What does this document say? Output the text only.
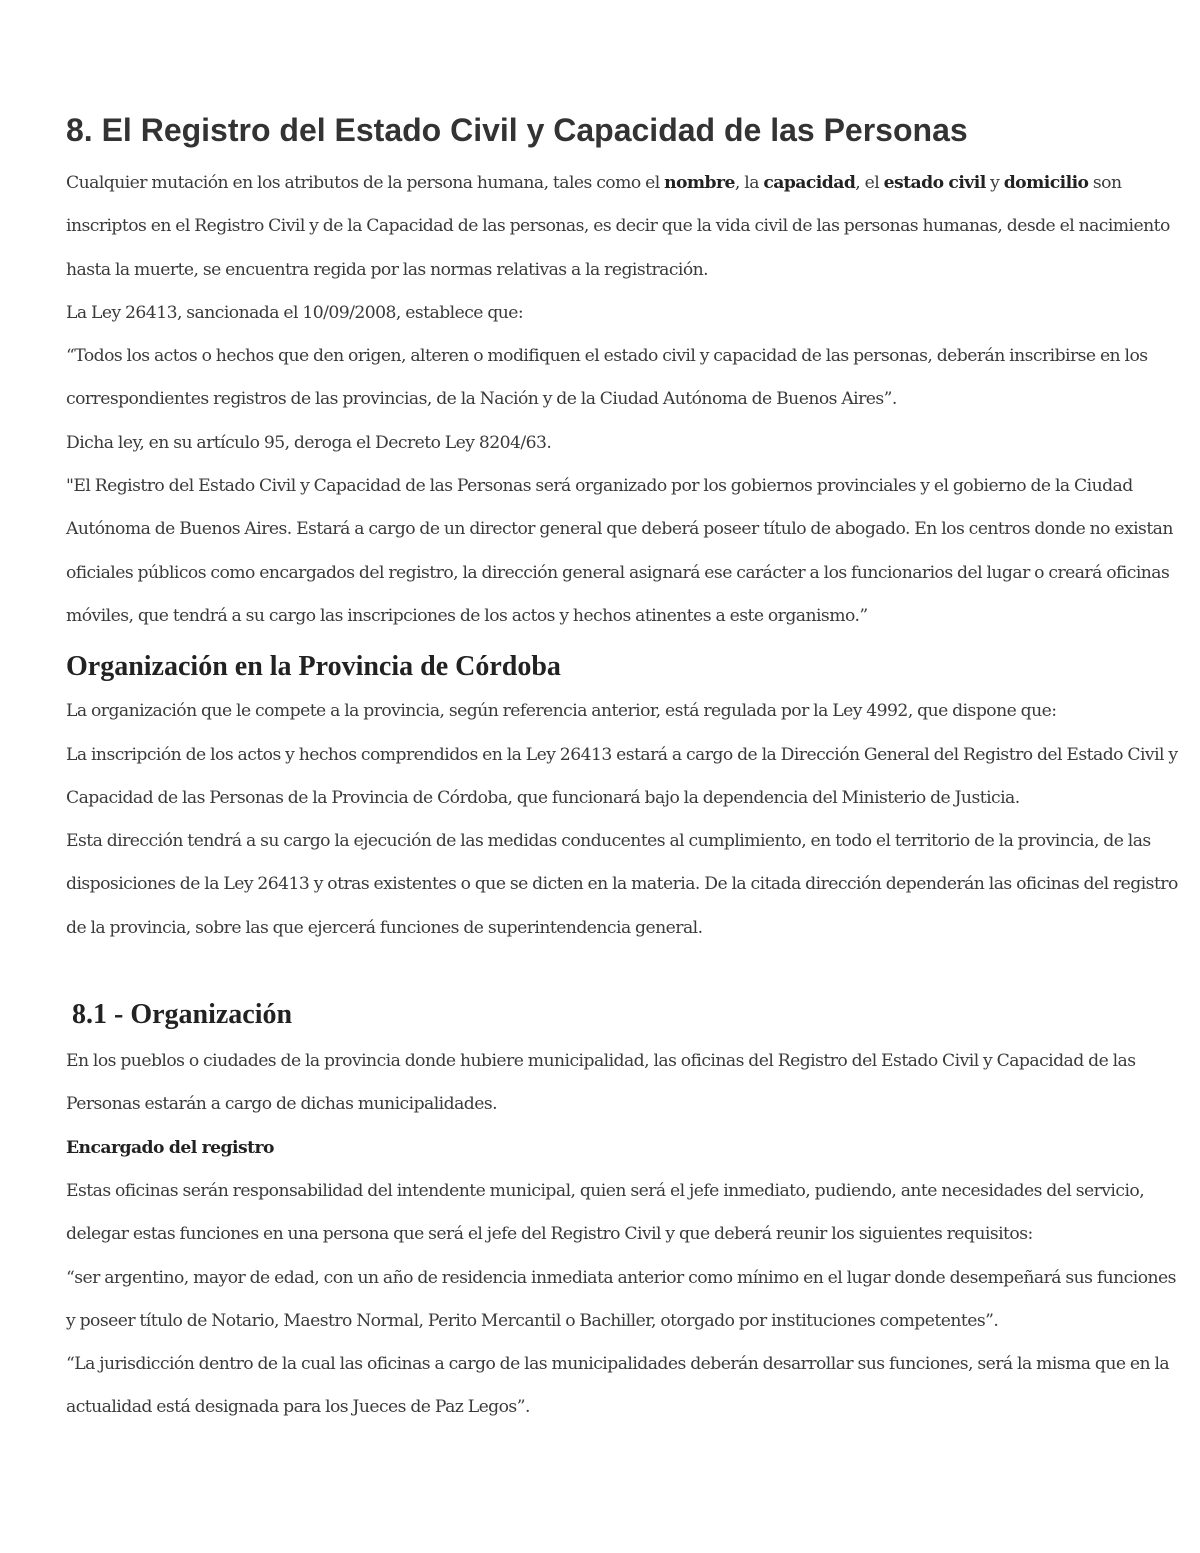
8. El Registro del Estado Civil y Capacidad de las Personas

Cualquier mutación en los atributos de la persona humana, tales como el nombre, la capacidad, el estado civil y domicilio son inscriptos en el Registro Civil y de la Capacidad de las personas, es decir que la vida civil de las personas humanas, desde el nacimiento hasta la muerte, se encuentra regida por las normas relativas a la registración.

La Ley 26413, sancionada el 10/09/2008, establece que:

“Todos los actos o hechos que den origen, alteren o modifiquen el estado civil y capacidad de las personas, deberán inscribirse en los correspondientes registros de las provincias, de la Nación y de la Ciudad Autónoma de Buenos Aires”.

Dicha ley, en su artículo 95, deroga el Decreto Ley 8204/63.

"El Registro del Estado Civil y Capacidad de las Personas será organizado por los gobiernos provinciales y el gobierno de la Ciudad Autónoma de Buenos Aires. Estará a cargo de un director general que deberá poseer título de abogado. En los centros donde no existan oficiales públicos como encargados del registro, la dirección general asignará ese carácter a los funcionarios del lugar o creará oficinas móviles, que tendrá a su cargo las inscripciones de los actos y hechos atinentes a este organismo.”

Organización en la Provincia de Córdoba

La organización que le compete a la provincia, según referencia anterior, está regulada por la Ley 4992, que dispone que:

La inscripción de los actos y hechos comprendidos en la Ley 26413 estará a cargo de la Dirección General del Registro del Estado Civil y Capacidad de las Personas de la Provincia de Córdoba, que funcionará bajo la dependencia del Ministerio de Justicia.

Esta dirección tendrá a su cargo la ejecución de las medidas conducentes al cumplimiento, en todo el territorio de la provincia, de las disposiciones de la Ley 26413 y otras existentes o que se dicten en la materia. De la citada dirección dependerán las oficinas del registro de la provincia, sobre las que ejercerá funciones de superintendencia general.

8.1 - Organización

En los pueblos o ciudades de la provincia donde hubiere municipalidad, las oficinas del Registro del Estado Civil y Capacidad de las Personas estarán a cargo de dichas municipalidades.

Encargado del registro

Estas oficinas serán responsabilidad del intendente municipal, quien será el jefe inmediato, pudiendo, ante necesidades del servicio, delegar estas funciones en una persona que será el jefe del Registro Civil y que deberá reunir los siguientes requisitos:

“ser argentino, mayor de edad, con un año de residencia inmediata anterior como mínimo en el lugar donde desempeñará sus funciones y poseer título de Notario, Maestro Normal, Perito Mercantil o Bachiller, otorgado por instituciones competentes”.

“La jurisdicción dentro de la cual las oficinas a cargo de las municipalidades deberán desarrollar sus funciones, será la misma que en la actualidad está designada para los Jueces de Paz Legos”.
